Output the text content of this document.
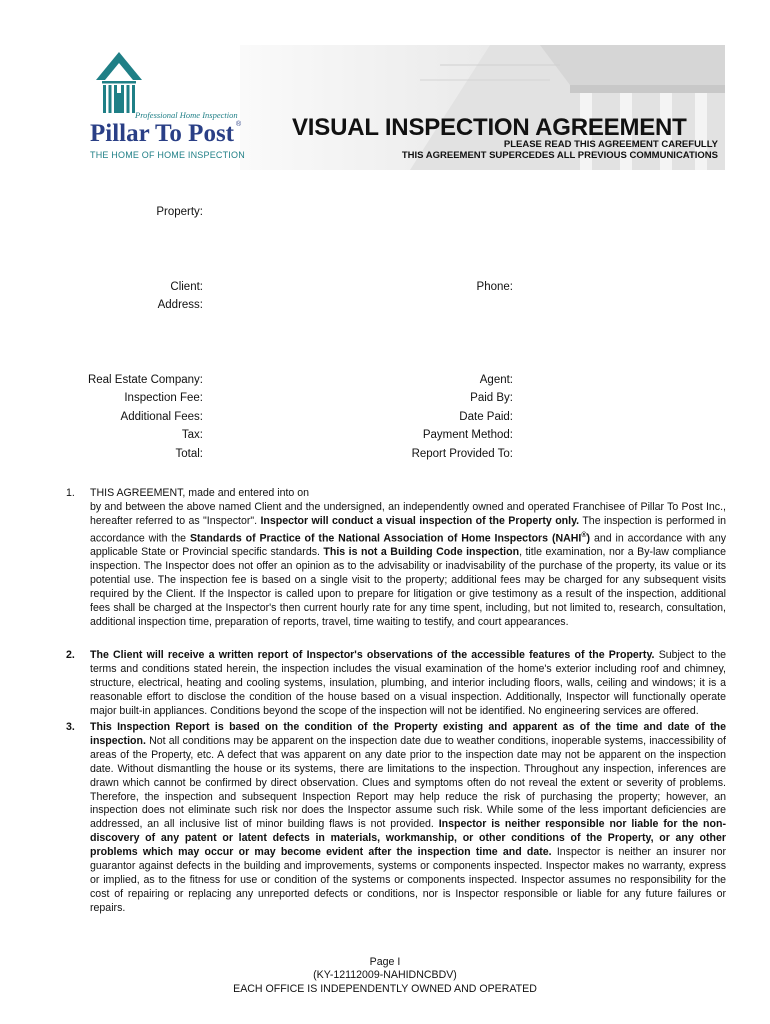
Professional Home Inspection
Pillar To Post ®
THE HOME OF HOME INSPECTION
VISUAL INSPECTION AGREEMENT
PLEASE READ THIS AGREEMENT CAREFULLY
THIS AGREEMENT SUPERCEDES ALL PREVIOUS COMMUNICATIONS
Property:
Client:	Phone:
Address:
Real Estate Company:	Agent:
Inspection Fee:	Paid By:
Additional Fees:	Date Paid:
Tax:	Payment Method:
Total:	Report Provided To:
1. THIS AGREEMENT, made and entered into on
by and between the above named Client and the undersigned, an independently owned and operated Franchisee of Pillar To Post Inc., hereafter referred to as "Inspector". Inspector will conduct a visual inspection of the Property only. The inspection is performed in accordance with the Standards of Practice of the National Association of Home Inspectors (NAHI®) and in accordance with any applicable State or Provincial specific standards. This is not a Building Code inspection, title examination, nor a By-law compliance inspection. The Inspector does not offer an opinion as to the advisability or inadvisability of the purchase of the property, its value or its potential use. The inspection fee is based on a single visit to the property; additional fees may be charged for any subsequent visits required by the Client. If the Inspector is called upon to prepare for litigation or give testimony as a result of the inspection, additional fees shall be charged at the Inspector's then current hourly rate for any time spent, including, but not limited to, research, consultation, additional inspection time, preparation of reports, travel, time waiting to testify, and court appearances.
2. The Client will receive a written report of Inspector's observations of the accessible features of the Property. Subject to the terms and conditions stated herein, the inspection includes the visual examination of the home's exterior including roof and chimney, structure, electrical, heating and cooling systems, insulation, plumbing, and interior including floors, walls, ceiling and windows; it is a reasonable effort to disclose the condition of the house based on a visual inspection. Additionally, Inspector will functionally operate major built-in appliances. Conditions beyond the scope of the inspection will not be identified. No engineering services are offered.
3. This Inspection Report is based on the condition of the Property existing and apparent as of the time and date of the inspection. Not all conditions may be apparent on the inspection date due to weather conditions, inoperable systems, inaccessibility of areas of the Property, etc. A defect that was apparent on any date prior to the inspection date may not be apparent on the inspection date. Without dismantling the house or its systems, there are limitations to the inspection. Throughout any inspection, inferences are drawn which cannot be confirmed by direct observation. Clues and symptoms often do not reveal the extent or severity of problems. Therefore, the inspection and subsequent Inspection Report may help reduce the risk of purchasing the property; however, an inspection does not eliminate such risk nor does the Inspector assume such risk. While some of the less important deficiencies are addressed, an all inclusive list of minor building flaws is not provided. Inspector is neither responsible nor liable for the non-discovery of any patent or latent defects in materials, workmanship, or other conditions of the Property, or any other problems which may occur or may become evident after the inspection time and date. Inspector is neither an insurer nor guarantor against defects in the building and improvements, systems or components inspected. Inspector makes no warranty, express or implied, as to the fitness for use or condition of the systems or components inspected. Inspector assumes no responsibility for the cost of repairing or replacing any unreported defects or conditions, nor is Inspector responsible or liable for any future failures or repairs.
Page I
(KY-12112009-NAHIDNCBDV)
EACH OFFICE IS INDEPENDENTLY OWNED AND OPERATED
